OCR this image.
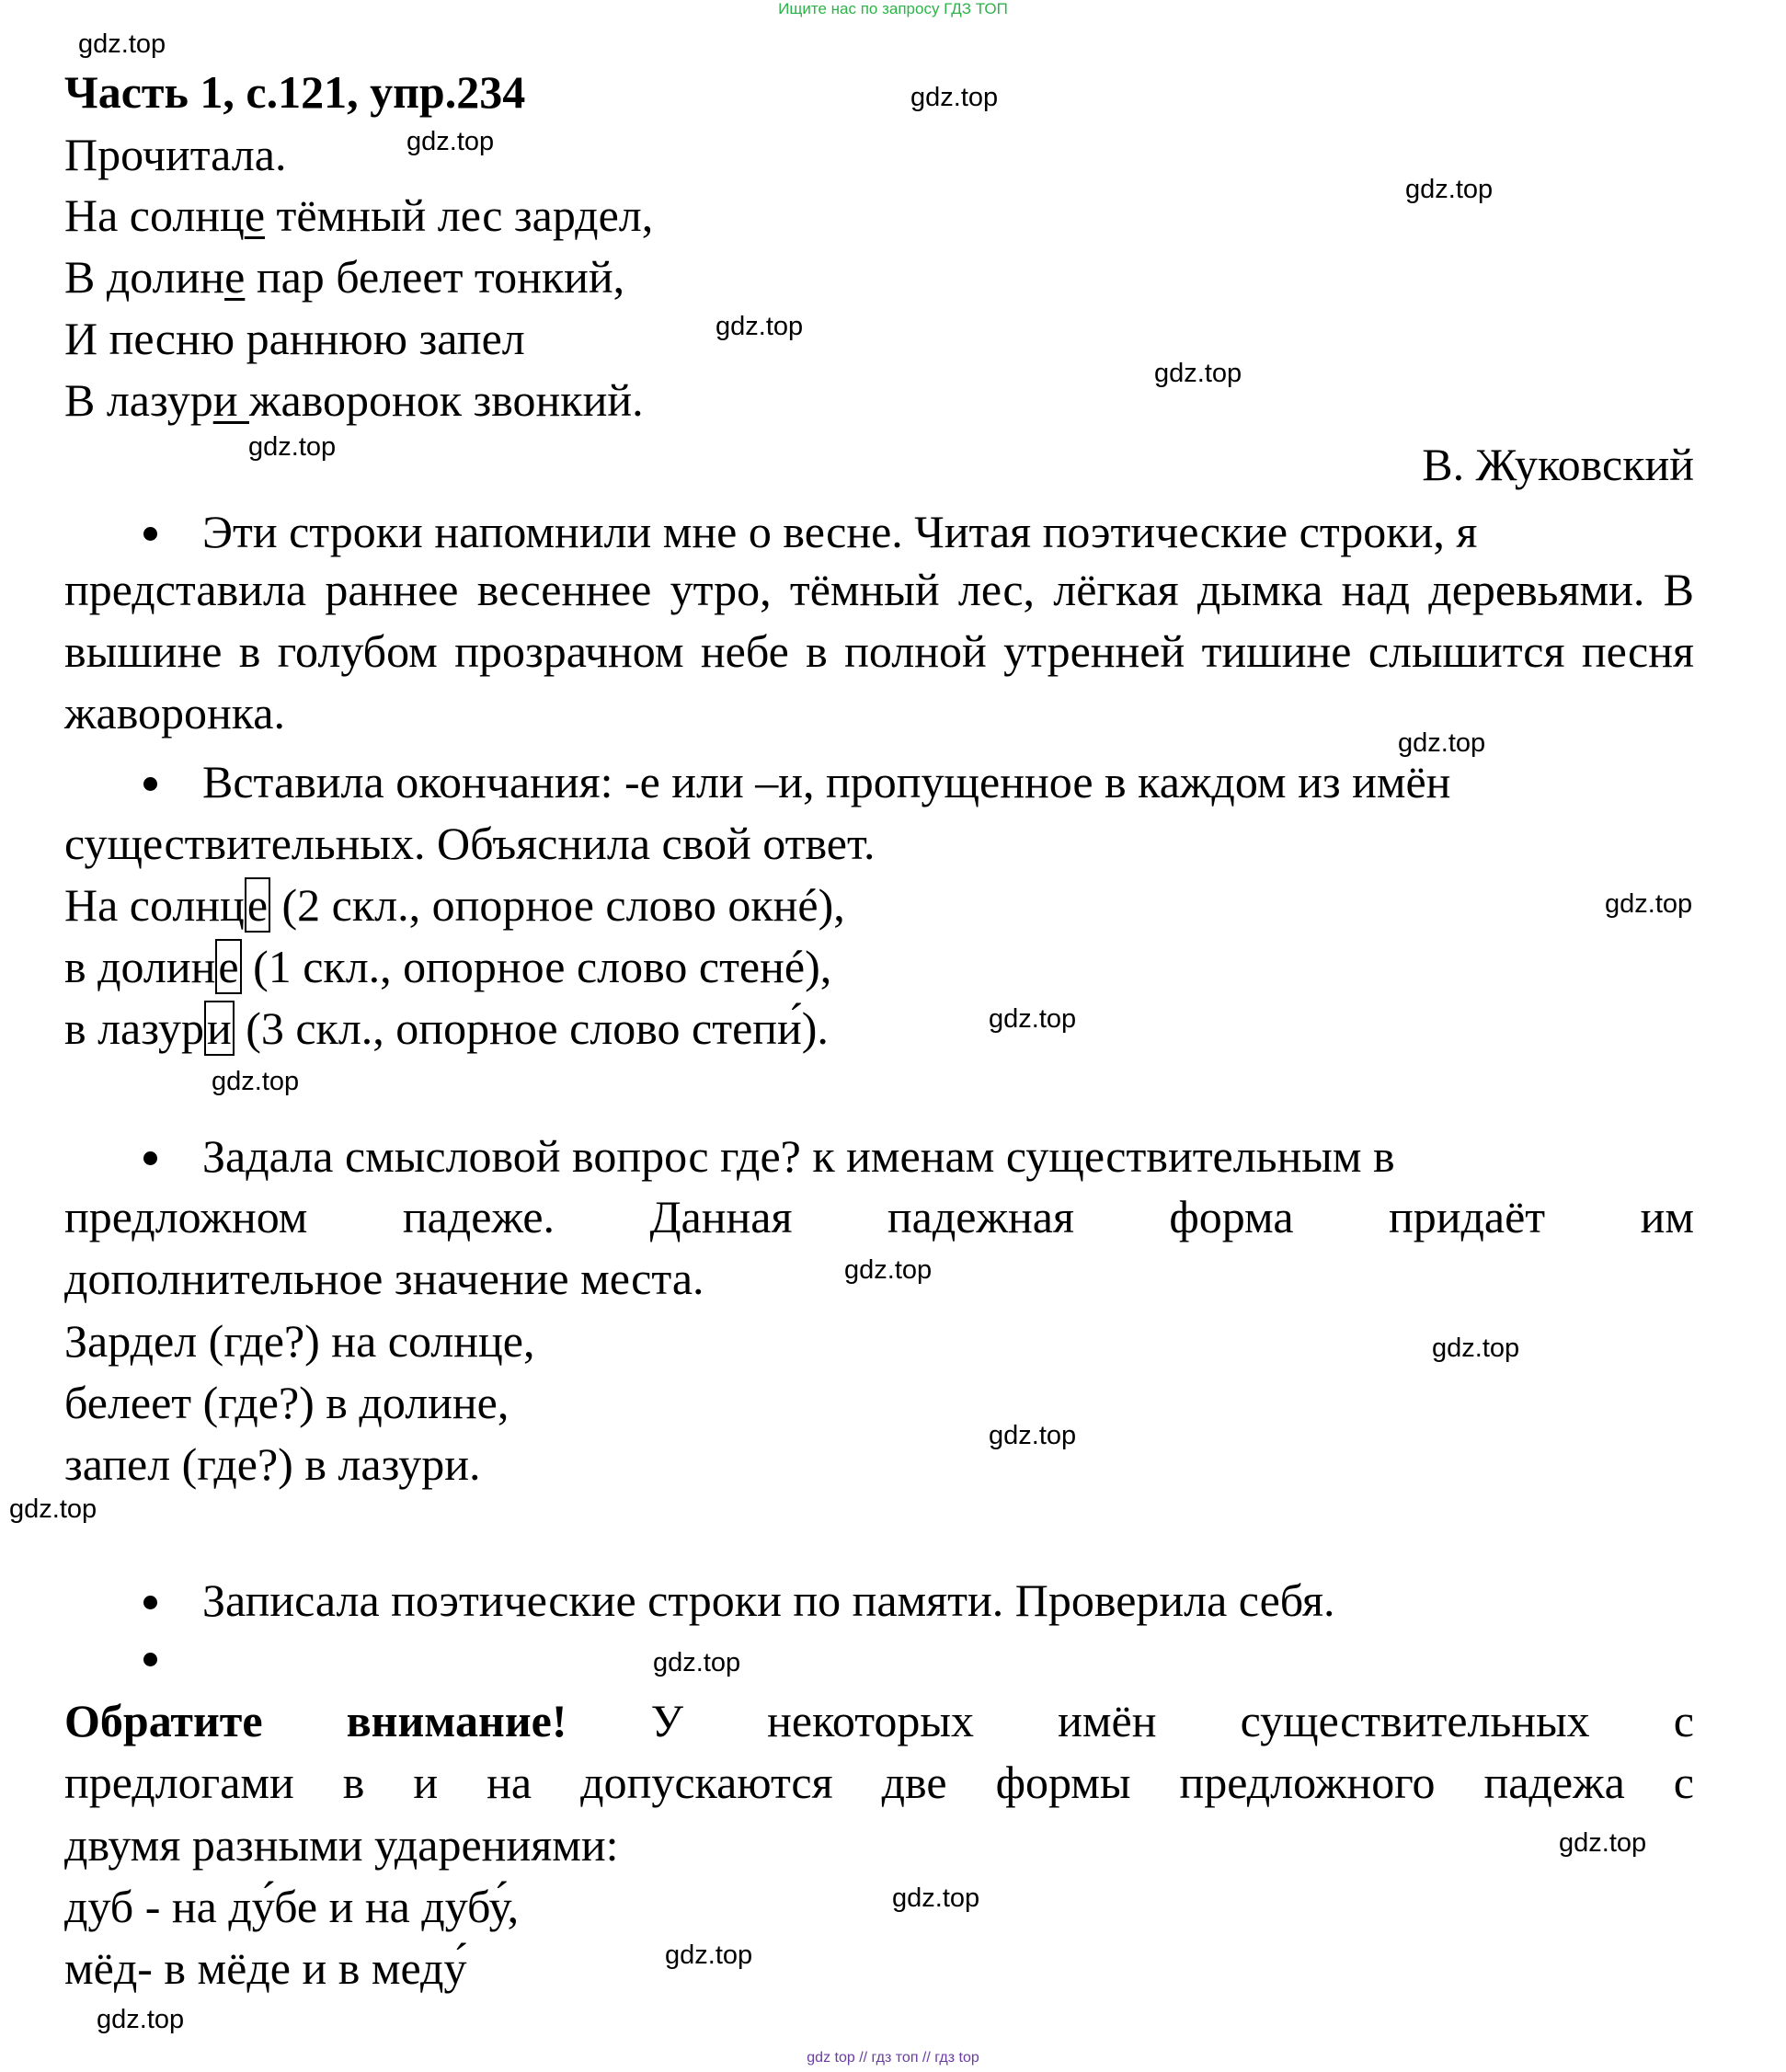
Ищите нас по запросу ГДЗ ТОП
gdz.top
gdz.top
gdz.top
gdz.top
gdz.top
gdz.top
gdz.top
gdz.top
gdz.top
gdz.top
gdz.top
gdz.top
gdz.top
gdz.top
gdz.top
gdz.top
gdz.top
gdz.top
gdz.top
gdz.top
Часть 1, с.121, упр.234
Прочитала.
На солнце тёмный лес зардел,
В долине пар белеет тонкий,
И песню раннюю запел
В лазури жаворонок звонкий.
В. Жуковский
Эти строки напомнили мне о весне. Читая поэтические строки, я

представила раннее весеннее утро, тёмный лес, лёгкая дымка над деревьями. В вышине в голубом прозрачном небе в полной утренней тишине слышится песня жаворонка.

Вставила окончания: -е или –и, пропущенное в каждом из имён
существительных. Объяснила свой ответ.
На солнце (2 скл., опорное слово окнé),
в долине (1 скл., опорное слово стенé),
в лазури (3 скл., опорное слово степи́).
Задала смысловой вопрос где? к именам существительным в

предложном падеже. Данная падежная форма придаёт им

дополнительное значение места.
Зардел (где?) на солнце,
белеет (где?) в долине,
запел (где?) в лазури.
Записала поэтические строки по памяти. Проверила себя.

Обратите внимание! У некоторых имён существительных с

предлогами в и на допускаются две формы предложного падежа с

двумя разными ударениями:
дуб - на ду́бе и на дубу́,
мёд- в мёде и в меду́
gdz top // гдз топ // гдз top
